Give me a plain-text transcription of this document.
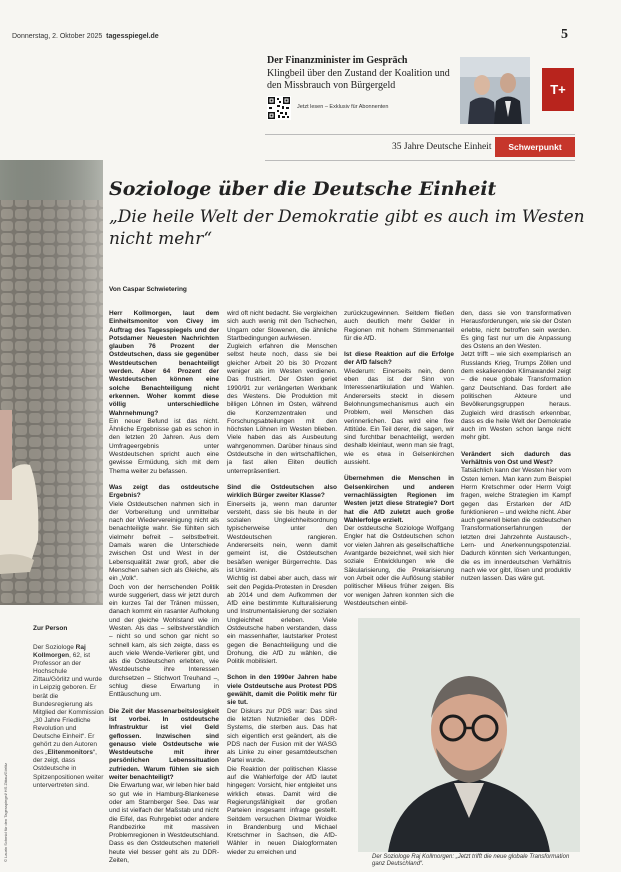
Donnerstag, 2. Oktober 2025 tagesspiegel.de	5
Der Finanzminister im Gespräch
Klingbeil über den Zustand der Koalition und den Missbrauch von Bürgergeld
Jetzt lesen – Exklusiv für Abonnenten
T+
35 Jahre Deutsche Einheit	Schwerpunkt
Soziologe über die Deutsche Einheit
„Die heile Welt der Demokratie gibt es auch im Westen nicht mehr“
Von Caspar Schwietering

Herr Kollmorgen, laut dem Einheitsmonitor von Civey im Auftrag des Tagesspiegels und der Potsdamer Neuesten Nachrichten glauben 76 Prozent der Ostdeutschen, dass sie gegenüber Westdeutschen benachteiligt werden. Aber 64 Prozent der Westdeutschen können eine solche Benachteiligung nicht erkennen. Woher kommt diese völlig unterschiedliche Wahrnehmung?

Ein neuer Befund ist das nicht. Ähnliche Ergebnisse gab es schon in den letzten 20 Jahren. Aus dem Umfrageergebnis unter Westdeutschen spricht auch eine gewisse Ermüdung, sich mit dem Thema weiter zu befassen.

Was zeigt das ostdeutsche Ergebnis?

Viele Ostdeutschen nahmen sich in der Vorbereitung und unmittelbar nach der Wiedervereinigung nicht als benachteiligte wahr. Sie fühlten sich vielmehr befreit – selbstbefreit. Damals waren die Unterschiede zwischen Ost und West in der Lebensqualität zwar groß, aber die Menschen sahen sich als Gleiche, als ein „Volk“.

Doch von der herrschenden Politik wurde suggeriert, dass wir jetzt durch ein kurzes Tal der Tränen müssen, danach kommt ein rasanter Aufholung und der gleiche Wohlstand wie im Westen. Als das – selbstverständlich – nicht so und schon gar nicht so schnell kam, als sich zeigte, dass es auch viele Wende-Verlierer gibt, und als die Ostdeutschen erlebten, wie Westdeutsche ihre Interessen durchsetzen – Stichwort Treuhand –, schlug diese Erwartung in Enttäuschung um.

Die Zeit der Massenarbeitslosigkeit ist vorbei. In ostdeutsche Infrastruktur ist viel Geld geflossen. Inzwischen sind genauso viele Ostdeutsche wie Westdeutsche mit ihrer persönlichen Lebenssituation zufrieden. Warum fühlen sie sich weiter benachteiligt?

Die Erwartung war, wir leben hier bald so gut wie in Hamburg-Blankenese oder am Starnberger See. Das war und ist vielfach der Maßstab und nicht die Eifel, das Ruhrgebiet oder andere Randbezirke mit massiven Problemregionen in Westdeutschland. Dass es den Ostdeutschen materiell heute viel besser geht als zu DDR-Zeiten,

wird oft nicht bedacht. Sie vergleichen sich auch wenig mit den Tschechen, Ungarn oder Slowenen, die ähnliche Startbedingungen aufwiesen.

Zugleich erfahren die Menschen selbst heute noch, dass sie bei gleicher Arbeit 20 bis 30 Prozent weniger als im Westen verdienen. Das frustriert. Der Osten geriet 1990/91 zur verlängerten Werkbank des Westens. Die Produktion mit billigen Löhnen im Osten, während die Konzernzentralen und Forschungsabteilungen mit den höchsten Löhnen im Westen blieben. Viele haben das als Ausbeutung wahrgenommen. Darüber hinaus sind Ostdeutsche in den wirtschaftlichen, ja fast allen Eliten deutlich unterrepräsentiert.

Sind die Ostdeutschen also wirklich Bürger zweiter Klasse?

Einerseits ja, wenn man darunter versteht, dass sie bis heute in der sozialen Ungleichheitsordnung typischerweise unter den Westdeutschen rangieren. Andererseits nein, wenn damit gemeint ist, die Ostdeutschen besäßen weniger Bürgerrechte. Das ist Unsinn.

Wichtig ist dabei aber auch, dass wir seit den Pegida-Protesten in Dresden ab 2014 und dem Aufkommen der AfD eine bestimmte Kulturalisierung und Instrumentalisierung der sozialen Ungleichheit erleben. Viele Ostdeutsche haben verstanden, dass ein massenhafter, lautstarker Protest gegen die Benachteiligung und die Drohung, die AfD zu wählen, die Politik mobilisiert.

Schon in den 1990er Jahren habe viele Ostdeutsche aus Protest PDS gewählt, damit die Politik mehr für sie tut.

Der Diskurs zur PDS war: Das sind die letzten Nutznießer des DDR-Systems, die sterben aus. Das hat sich eigentlich erst geändert, als die PDS nach der Fusion mit der WASG als Linke zu einer gesamtdeutschen Partei wurde.

Die Reaktion der politischen Klasse auf die Wahlerfolge der AfD lautet hingegen: Vorsicht, hier entgleitet uns wirklich etwas. Damit wird die Regierungsfähigkeit der großen Parteien insgesamt infrage gestellt. Seitdem versuchen Dietmar Woidke in Brandenburg und Michael Kretschmer in Sachsen, die AfD-Wähler in neuen Dialogformaten wieder zu erreichen und

zurückzugewinnen. Seitdem fließen auch deutlich mehr Gelder in Regionen mit hohem Stimmenanteil für die AfD.

Ist diese Reaktion auf die Erfolge der AfD falsch?

Wiederum: Einerseits nein, denn eben das ist der Sinn von Interessenartikulation und Wahlen. Andererseits steckt in diesem Belohnungsmechanismus auch ein Problem, weil Menschen das verinnerlichen. Das wird eine fixe Attitüde. Ein Teil derer, die sagen, wir sind furchtbar benachteiligt, werden deshalb kleinlaut, wenn man sie fragt, wie es etwa in Gelsenkirchen aussieht.

Übernehmen die Menschen in Gelsenkirchen und anderen vernachlässigten Regionen im Westen jetzt diese Strategie? Dort hat die AfD zuletzt auch große Wahlerfolge erzielt.

Der ostdeutsche Soziologe Wolfgang Engler hat die Ostdeutschen schon vor vielen Jahren als gesellschaftliche Avantgarde bezeichnet, weil sich hier soziale Entwicklungen wie die Säkularisierung, die Prekarisierung von Arbeit oder die Auflösung stabiler politischer Milieus früher zeigen. Bis vor wenigen Jahren konnten sich die Westdeutschen einbil-

den, dass sie von transformativen Herausforderungen, wie sie der Osten erlebte, nicht betroffen sein werden. Es ging fast nur um die Anpassung des Ostens an den Westen.

Jetzt trifft – wie sich exemplarisch an Russlands Krieg, Trumps Zöllen und dem eskalierenden Klimawandel zeigt – die neue globale Transformation ganz Deutschland. Das fordert alle politischen Akteure und Bevölkerungsgruppen heraus. Zugleich wird drastisch erkennbar, dass es die heile Welt der Demokratie auch im Westen schon lange nicht mehr gibt.

Verändert sich dadurch das Verhältnis von Ost und West?

Tatsächlich kann der Westen hier vom Osten lernen. Man kann zum Beispiel Herrn Kretschmer oder Herrn Voigt fragen, welche Strategien im Kampf gegen das Erstarken der AfD funktionieren – und welche nicht. Aber auch generell bieten die ostdeutschen Transformationserfahrungen der letzten drei Jahrzehnte Austausch-, Lern- und Anerkennungspotenzial. Dadurch könnten sich Verkantungen, die es im innerdeutschen Verhältnis nach wie vor gibt, lösen und produktiv nutzen lassen. Das wäre gut.

Zur Person
Der Soziologe Raj Kollmorgen, 62, ist Professor an der Hochschule Zittau/Görlitz und wurde in Leipzig geboren. Er berät die Bundesregierung als Mitglied der Kommission „30 Jahre Friedliche Revolution und Deutsche Einheit“. Er gehört zu den Autoren des „Elitenmonitors“, der zeigt, dass Ostdeutsche in Spitzenpositionen weiter untervertreten sind.
© Laurin Schmid für den Tagesspiegel/ HS Zittau/Görlitz	Der Soziologe Raj Kollmorgen: „Jetzt trifft die neue globale Transformation ganz Deutschland“.
